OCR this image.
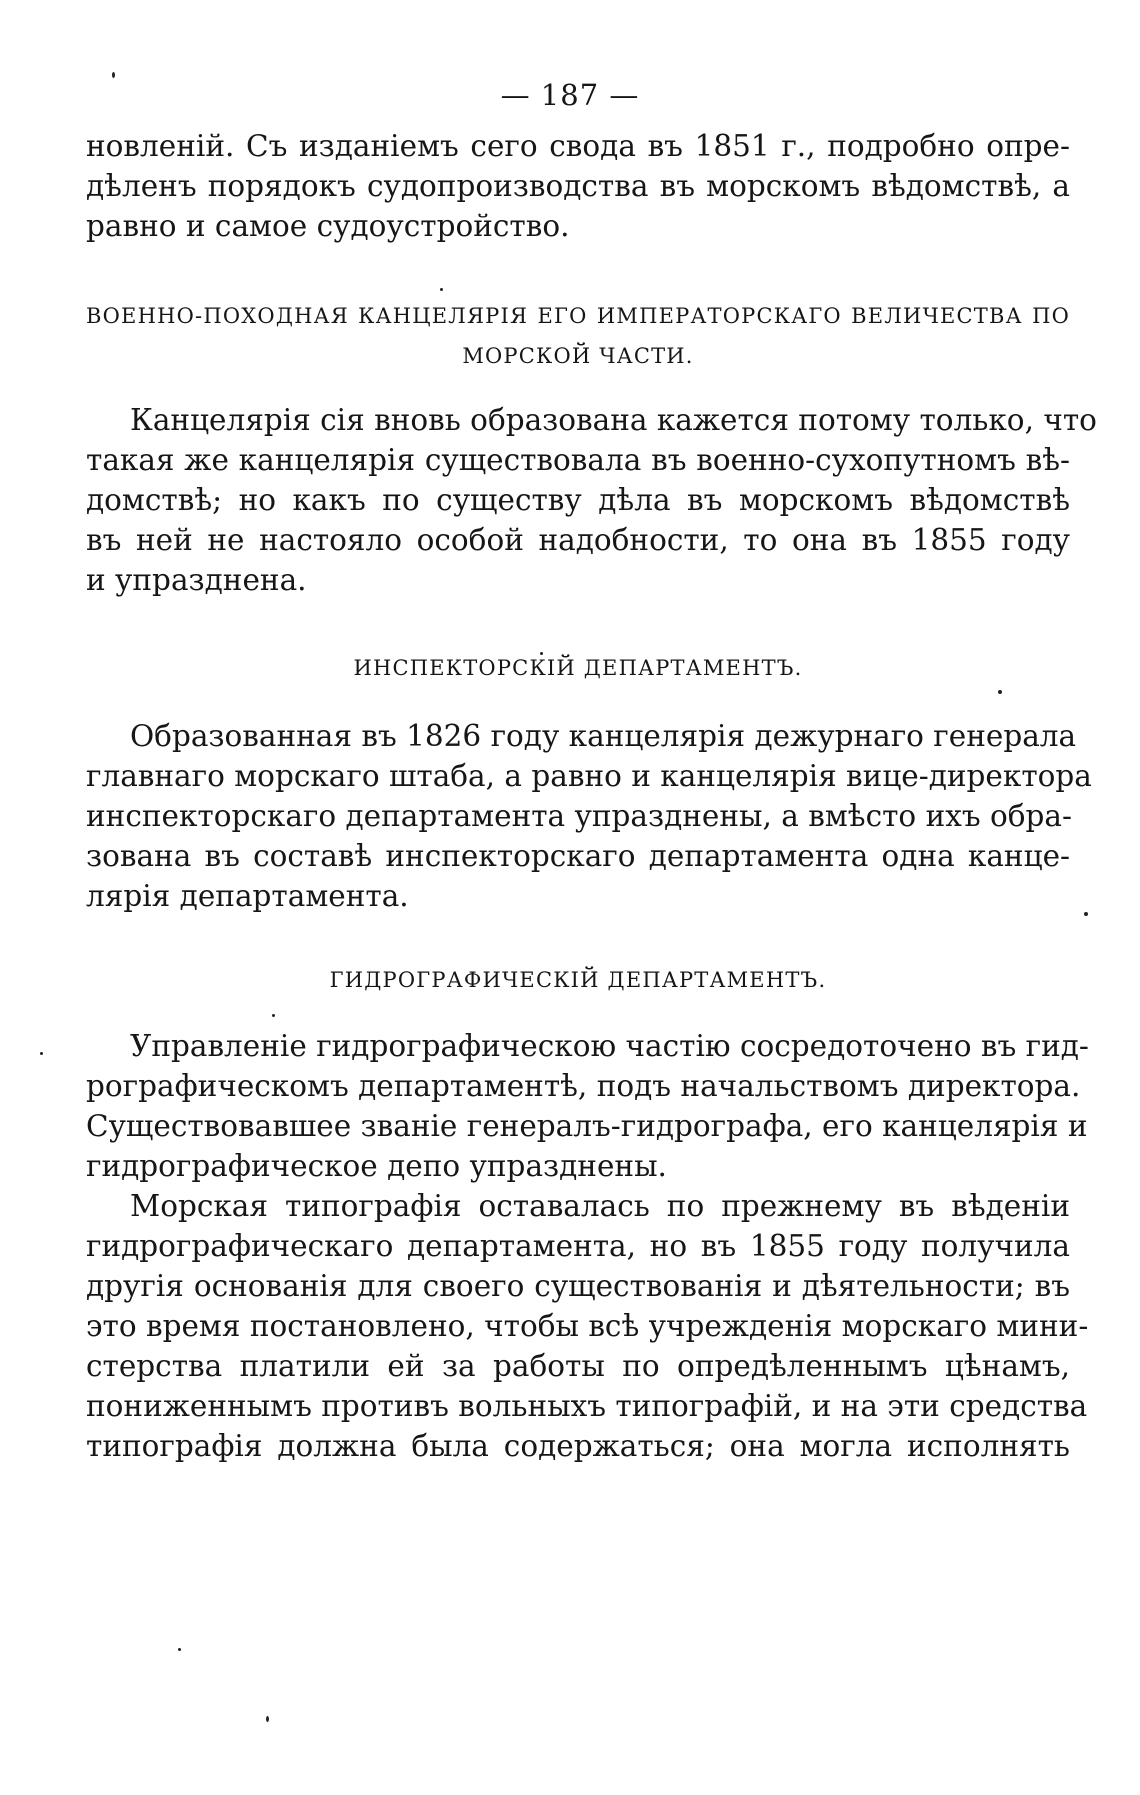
— 187 —
новленій. Съ изданіемъ сего свода въ 1851 г., подробно опре-
дѣленъ порядокъ судопроизводства въ морскомъ вѣдомствѣ, а
равно и самое судоустройство.
ВОЕННО-ПОХОДНАЯ КАНЦЕЛЯРІЯ ЕГО ИМПЕРАТОРСКАГО ВЕЛИЧЕСТВА ПО
МОРСКОЙ ЧАСТИ.
Канцелярія сія вновь образована кажется потому только, что
такая же канцелярія существовала въ военно-сухопутномъ вѣ-
домствѣ; но какъ по существу дѣла въ морскомъ вѣдомствѣ
въ ней не настояло особой надобности, то она въ 1855 году
и упразднена.
ИНСПЕКТОРСКІЙ ДЕПАРТАМЕНТЪ.
Образованная въ 1826 году канцелярія дежурнаго генерала
главнаго морскаго штаба, а равно и канцелярія вице-директора
инспекторскаго департамента упразднены, а вмѣсто ихъ обра-
зована въ составѣ инспекторскаго департамента одна канце-
лярія департамента.
ГИДРОГРАФИЧЕСКІЙ ДЕПАРТАМЕНТЪ.
Управленіе гидрографическою частію сосредоточено въ гид-
рографическомъ департаментѣ, подъ начальствомъ директора.
Существовавшее званіе генералъ-гидрографа, его канцелярія и
гидрографическое депо упразднены.
Морская типографія оставалась по прежнему въ вѣденіи
гидрографическаго департамента, но въ 1855 году получила
другія основанія для своего существованія и дѣятельности; въ
это время постановлено, чтобы всѣ учрежденія морскаго мини-
стерства платили ей за работы по опредѣленнымъ цѣнамъ,
пониженнымъ противъ вольныхъ типографій, и на эти средства
типографія должна была содержаться; она могла исполнять
